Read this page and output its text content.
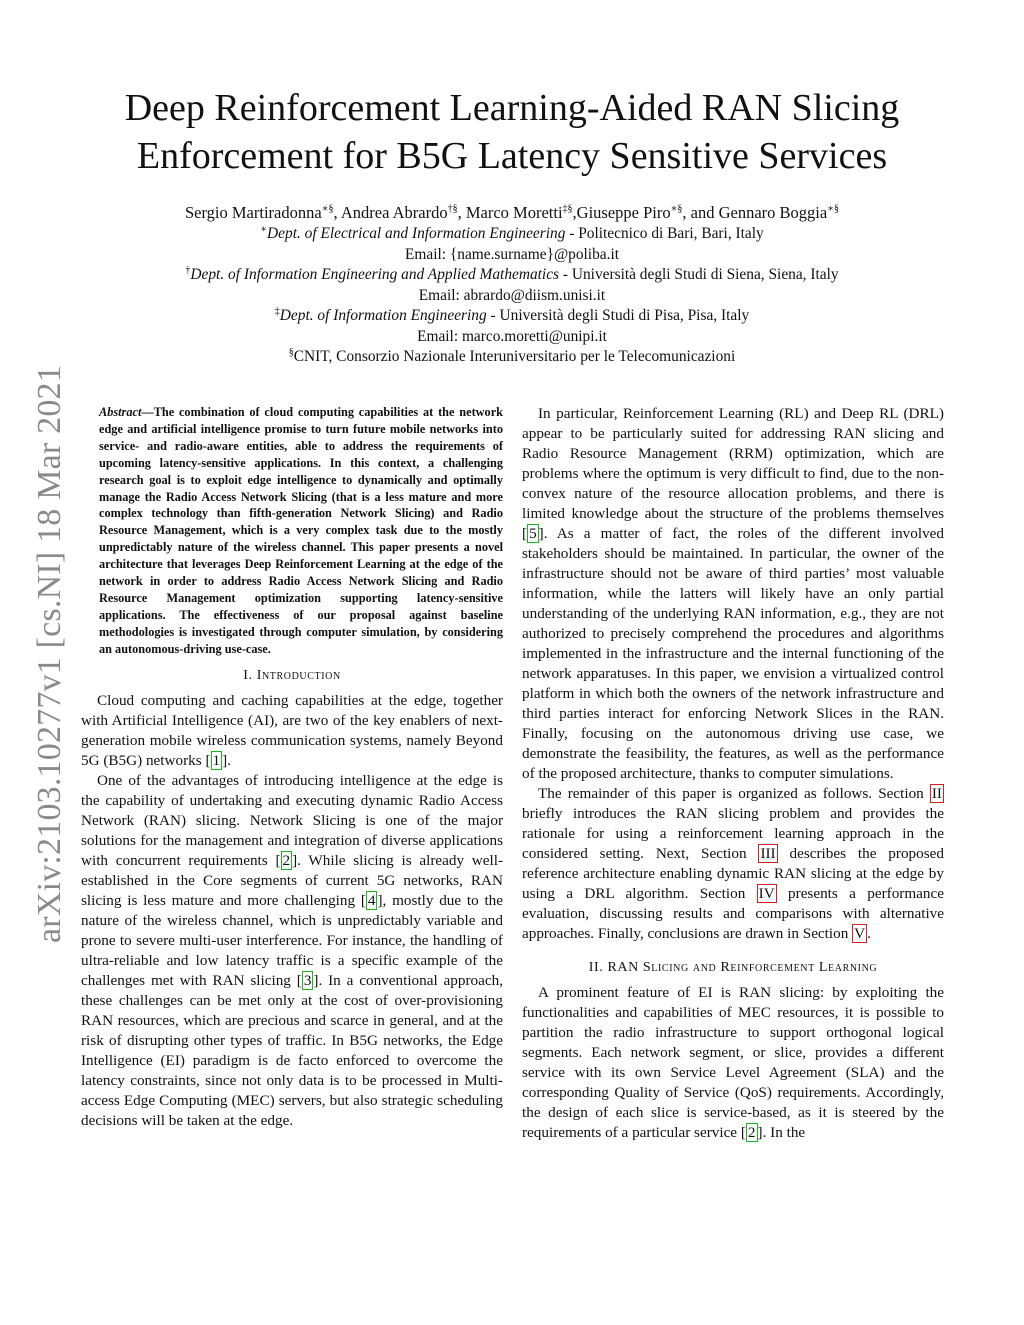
arXiv:2103.10277v1 [cs.NI] 18 Mar 2021
Deep Reinforcement Learning-Aided RAN Slicing
Enforcement for B5G Latency Sensitive Services
Sergio Martiradonna∗§, Andrea Abrardo†§, Marco Moretti‡§,Giuseppe Piro∗§, and Gennaro Boggia∗§
∗Dept. of Electrical and Information Engineering - Politecnico di Bari, Bari, Italy
Email: {name.surname}@poliba.it
†Dept. of Information Engineering and Applied Mathematics - Università degli Studi di Siena, Siena, Italy
Email: abrardo@diism.unisi.it
‡Dept. of Information Engineering - Università degli Studi di Pisa, Pisa, Italy
Email: marco.moretti@unipi.it
§CNIT, Consorzio Nazionale Interuniversitario per le Telecomunicazioni

Abstract—The combination of cloud computing capabilities at the network edge and artificial intelligence promise to turn future mobile networks into service- and radio-aware entities, able to address the requirements of upcoming latency-sensitive applications. In this context, a challenging research goal is to exploit edge intelligence to dynamically and optimally manage the Radio Access Network Slicing (that is a less mature and more complex technology than fifth-generation Network Slicing) and Radio Resource Management, which is a very complex task due to the mostly unpredictably nature of the wireless channel. This paper presents a novel architecture that leverages Deep Reinforcement Learning at the edge of the network in order to address Radio Access Network Slicing and Radio Resource Management optimization supporting latency-sensitive applications. The effectiveness of our proposal against baseline methodologies is investigated through computer simulation, by considering an autonomous-driving use-case.

I. Introduction

Cloud computing and caching capabilities at the edge, together with Artificial Intelligence (AI), are two of the key enablers of next-generation mobile wireless communication systems, namely Beyond 5G (B5G) networks [ 1 ].

One of the advantages of introducing intelligence at the edge is the capability of undertaking and executing dynamic Radio Access Network (RAN) slicing. Network Slicing is one of the major solutions for the management and integration of diverse applications with concurrent requirements [ 2 ]. While slicing is already well-established in the Core segments of current 5G networks, RAN slicing is less mature and more challenging [ 4 ], mostly due to the nature of the wireless channel, which is unpredictably variable and prone to severe multi-user interference. For instance, the handling of ultra-reliable and low latency traffic is a specific example of the challenges met with RAN slicing [ 3 ]. In a conventional approach, these challenges can be met only at the cost of over-provisioning RAN resources, which are precious and scarce in general, and at the risk of disrupting other types of traffic. In B5G networks, the Edge Intelligence (EI) paradigm is de facto enforced to overcome the latency constraints, since not only data is to be processed in Multi-access Edge Computing (MEC) servers, but also strategic scheduling decisions will be taken at the edge.

In particular, Reinforcement Learning (RL) and Deep RL (DRL) appear to be particularly suited for addressing RAN slicing and Radio Resource Management (RRM) optimization, which are problems where the optimum is very difficult to find, due to the non-convex nature of the resource allocation problems, and there is limited knowledge about the structure of the problems themselves [ 5 ]. As a matter of fact, the roles of the different involved stakeholders should be maintained. In particular, the owner of the infrastructure should not be aware of third parties’ most valuable information, while the latters will likely have an only partial understanding of the underlying RAN information, e.g., they are not authorized to precisely comprehend the procedures and algorithms implemented in the infrastructure and the internal functioning of the network apparatuses. In this paper, we envision a virtualized control platform in which both the owners of the network infrastructure and third parties interact for enforcing Network Slices in the RAN. Finally, focusing on the autonomous driving use case, we demonstrate the feasibility, the features, as well as the performance of the proposed architecture, thanks to computer simulations.

The remainder of this paper is organized as follows. Section II briefly introduces the RAN slicing problem and provides the rationale for using a reinforcement learning approach in the considered setting. Next, Section III describes the proposed reference architecture enabling dynamic RAN slicing at the edge by using a DRL algorithm. Section IV presents a performance evaluation, discussing results and comparisons with alternative approaches. Finally, conclusions are drawn in Section V .

II. RAN Slicing and Reinforcement Learning

A prominent feature of EI is RAN slicing: by exploiting the functionalities and capabilities of MEC resources, it is possible to partition the radio infrastructure to support orthogonal logical segments. Each network segment, or slice, provides a different service with its own Service Level Agreement (SLA) and the corresponding Quality of Service (QoS) requirements. Accordingly, the design of each slice is service-based, as it is steered by the requirements of a particular service [ 2 ]. In the
